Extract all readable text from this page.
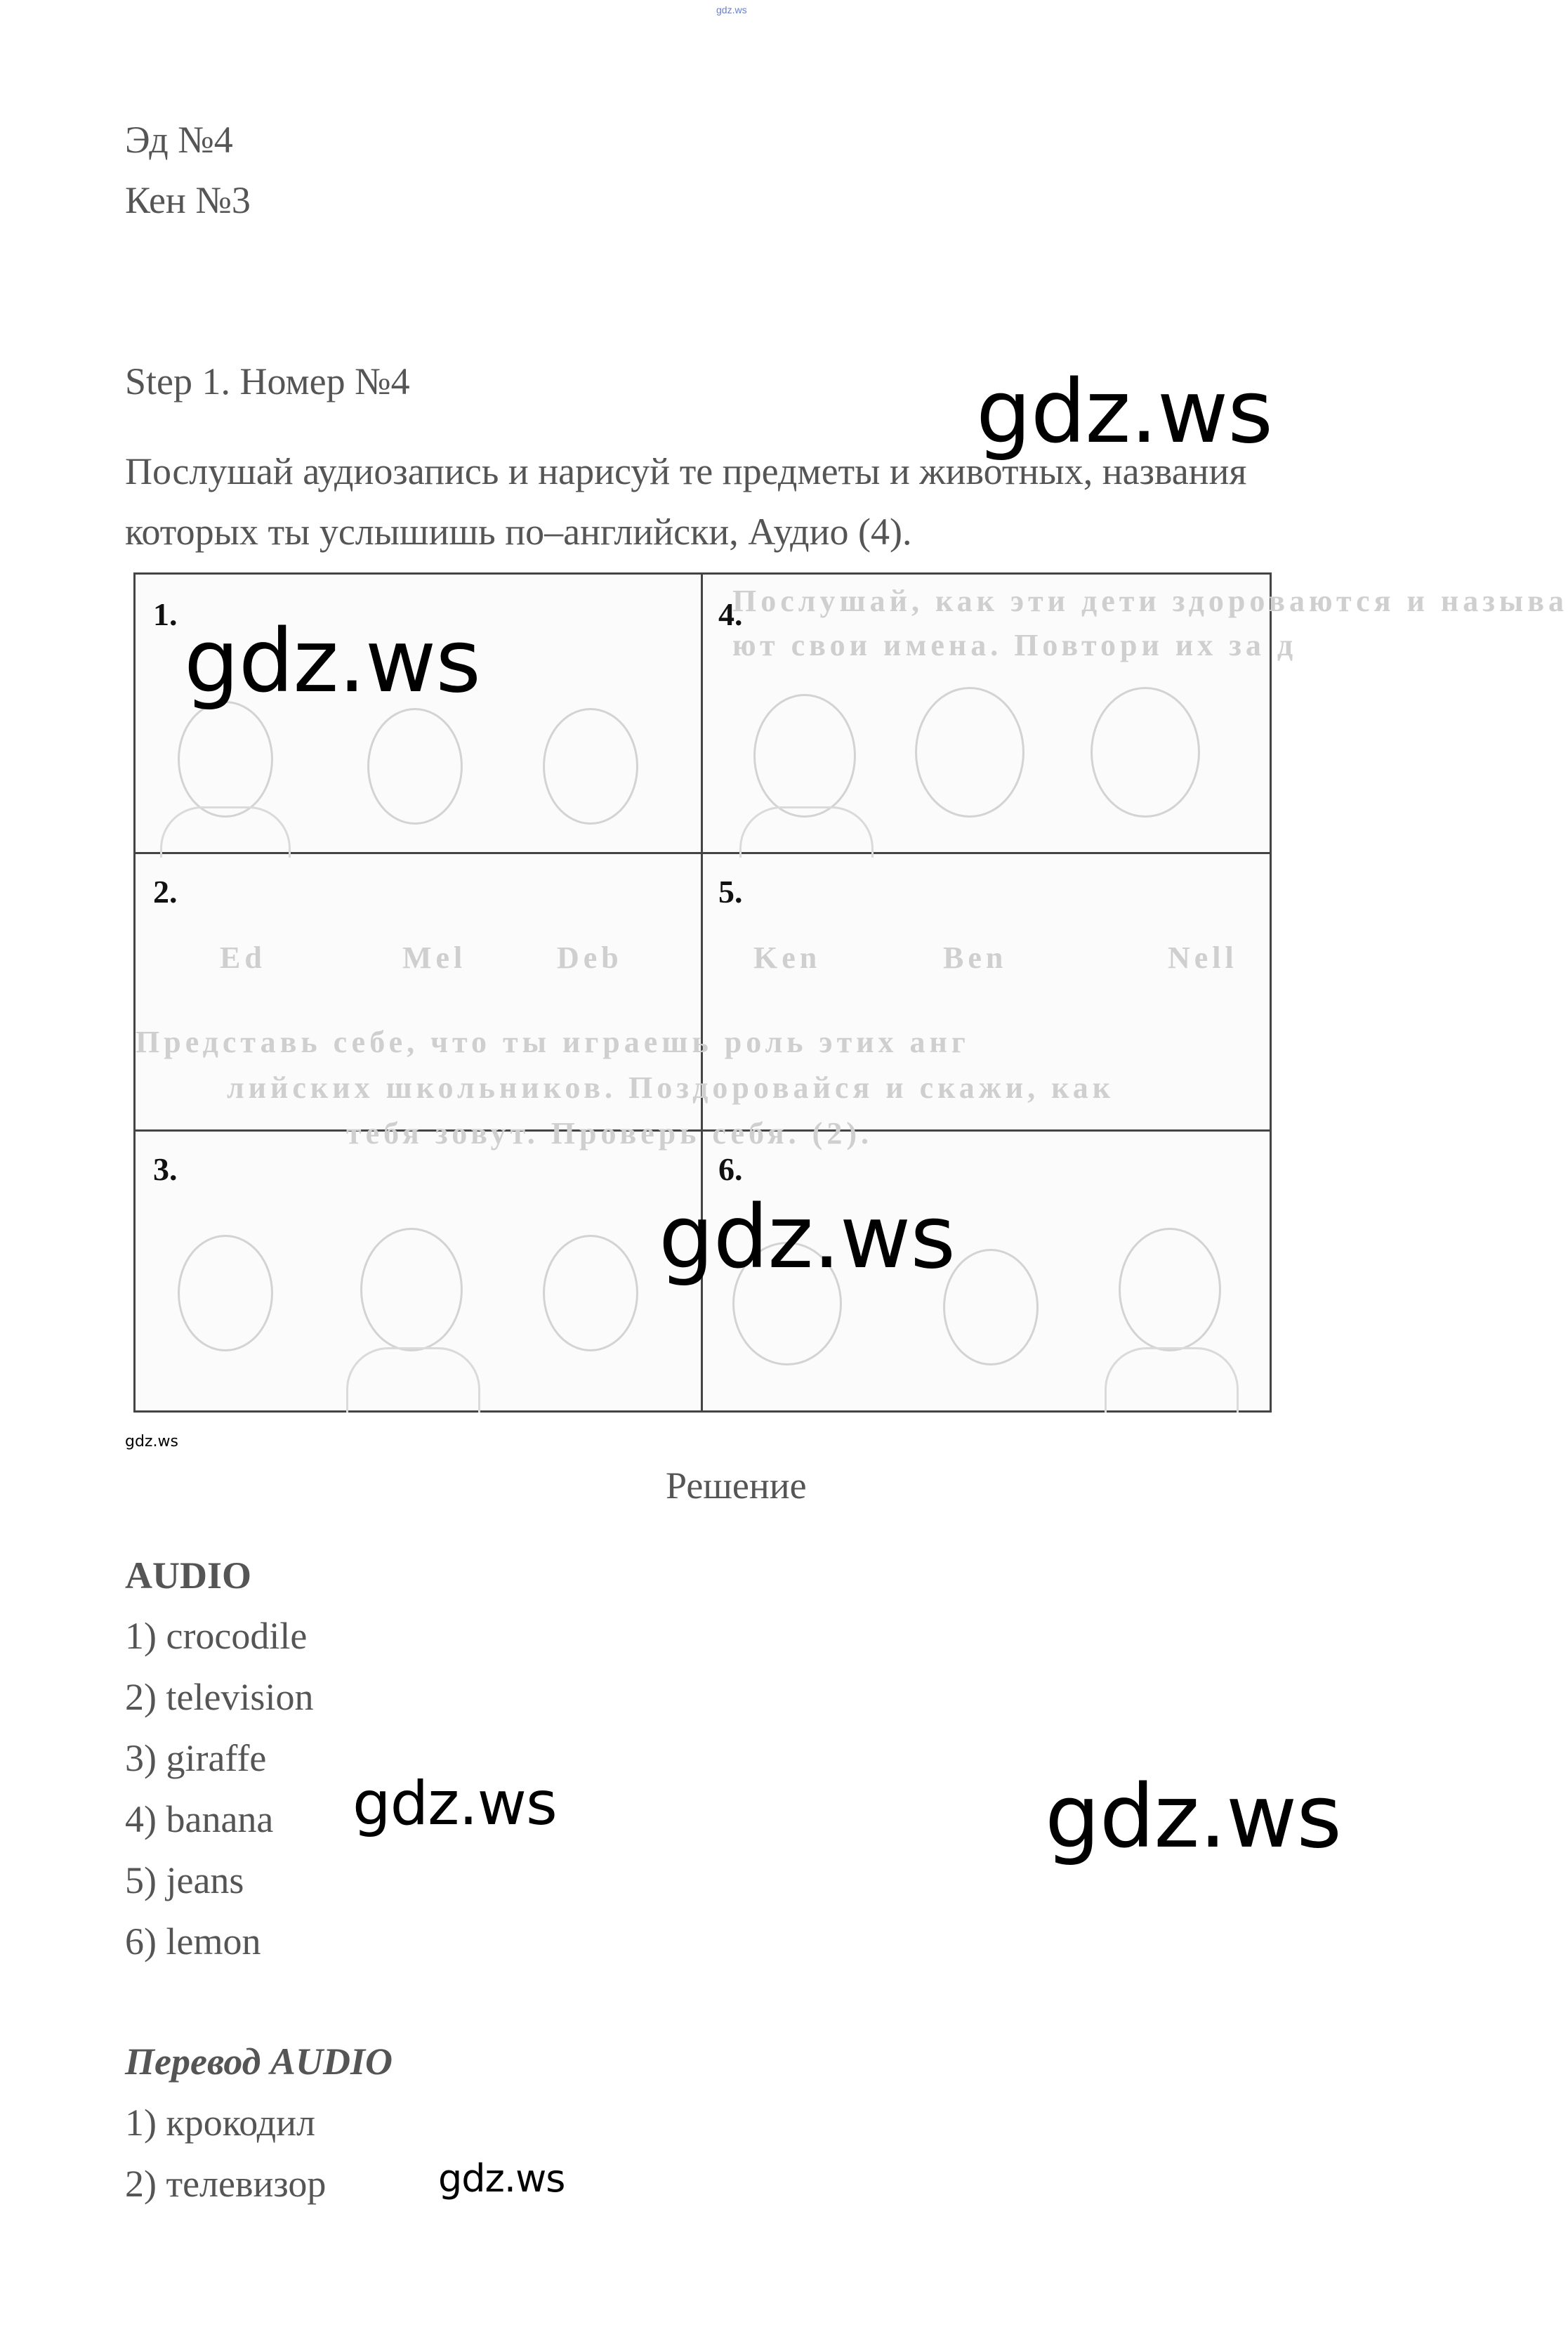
gdz.ws
Эд №4
Кен №3
Step 1. Номер №4
Послушай аудиозапись и нарисуй те предметы и животных, названия
которых ты услышишь по–английски, Аудио (4).
Послушай, как эти дети здороваются и называ
ют свои имена. Повтори их за д
Nell
Ben
Ken
Deb
Mel
Ed
Представь себе, что ты играешь роль этих анг
лийских школьников. Поздоровайся и скажи, как
тебя зовут. Проверь себя. (2).
1.
2.
3.
4.
5.
6.
gdz.ws
Решение
AUDIO
1) crocodile
2) television
3) giraffe
4) banana
5) jeans
6) lemon
Перевод AUDIO
1) крокодил
2) телевизор
gdz.ws
gdz.ws
gdz.ws
gdz.ws	gdz.ws
gdz.ws
